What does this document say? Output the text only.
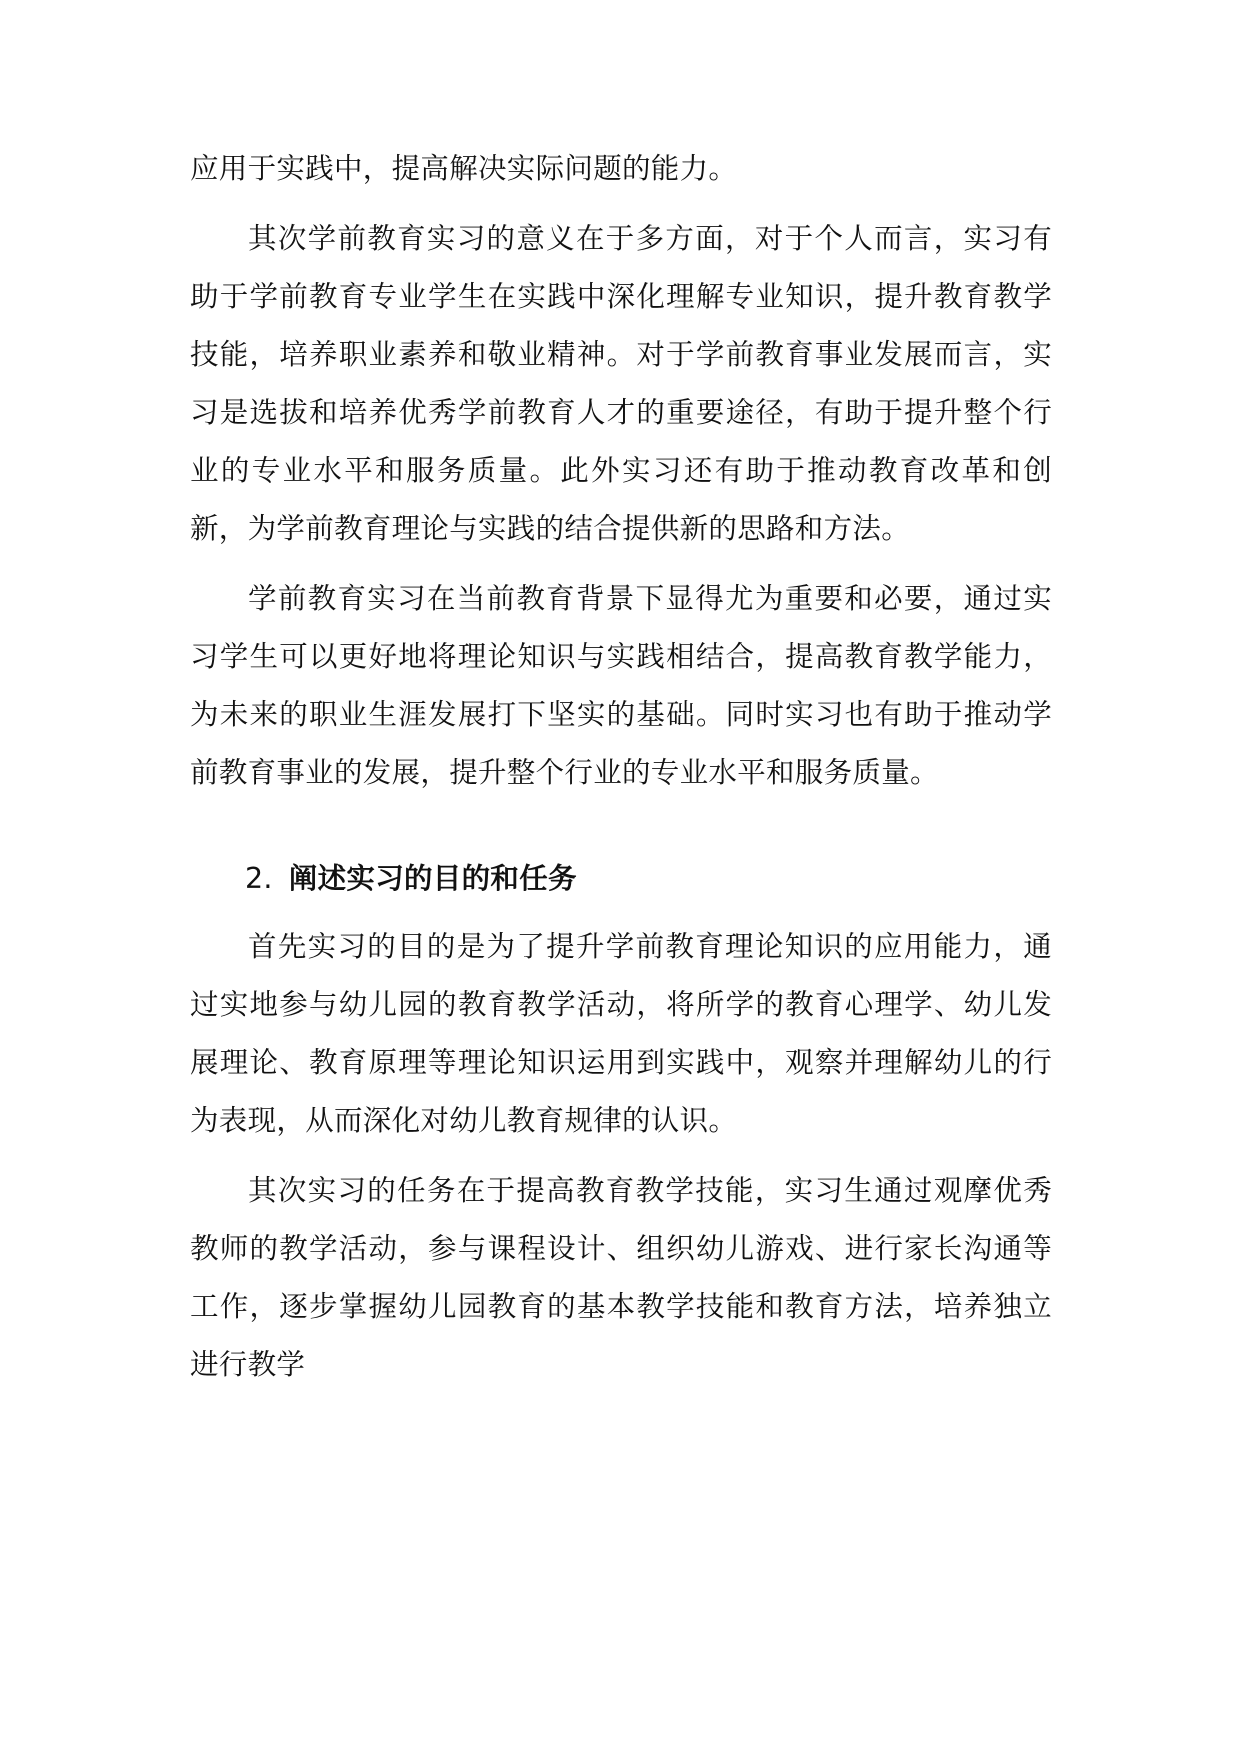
应用于实践中，提高解决实际问题的能力。

其次学前教育实习的意义在于多方面，对于个人而言，实习有助于学前教育专业学生在实践中深化理解专业知识，提升教育教学技能，培养职业素养和敬业精神。对于学前教育事业发展而言，实习是选拔和培养优秀学前教育人才的重要途径，有助于提升整个行业的专业水平和服务质量。此外实习还有助于推动教育改革和创新，为学前教育理论与实践的结合提供新的思路和方法。

学前教育实习在当前教育背景下显得尤为重要和必要，通过实习学生可以更好地将理论知识与实践相结合，提高教育教学能力，为未来的职业生涯发展打下坚实的基础。同时实习也有助于推动学前教育事业的发展，提升整个行业的专业水平和服务质量。

2. 阐述实习的目的和任务

首先实习的目的是为了提升学前教育理论知识的应用能力，通过实地参与幼儿园的教育教学活动，将所学的教育心理学、幼儿发展理论、教育原理等理论知识运用到实践中，观察并理解幼儿的行为表现，从而深化对幼儿教育规律的认识。

其次实习的任务在于提高教育教学技能，实习生通过观摩优秀教师的教学活动，参与课程设计、组织幼儿游戏、进行家长沟通等工作，逐步掌握幼儿园教育的基本教学技能和教育方法，培养独立进行教学
